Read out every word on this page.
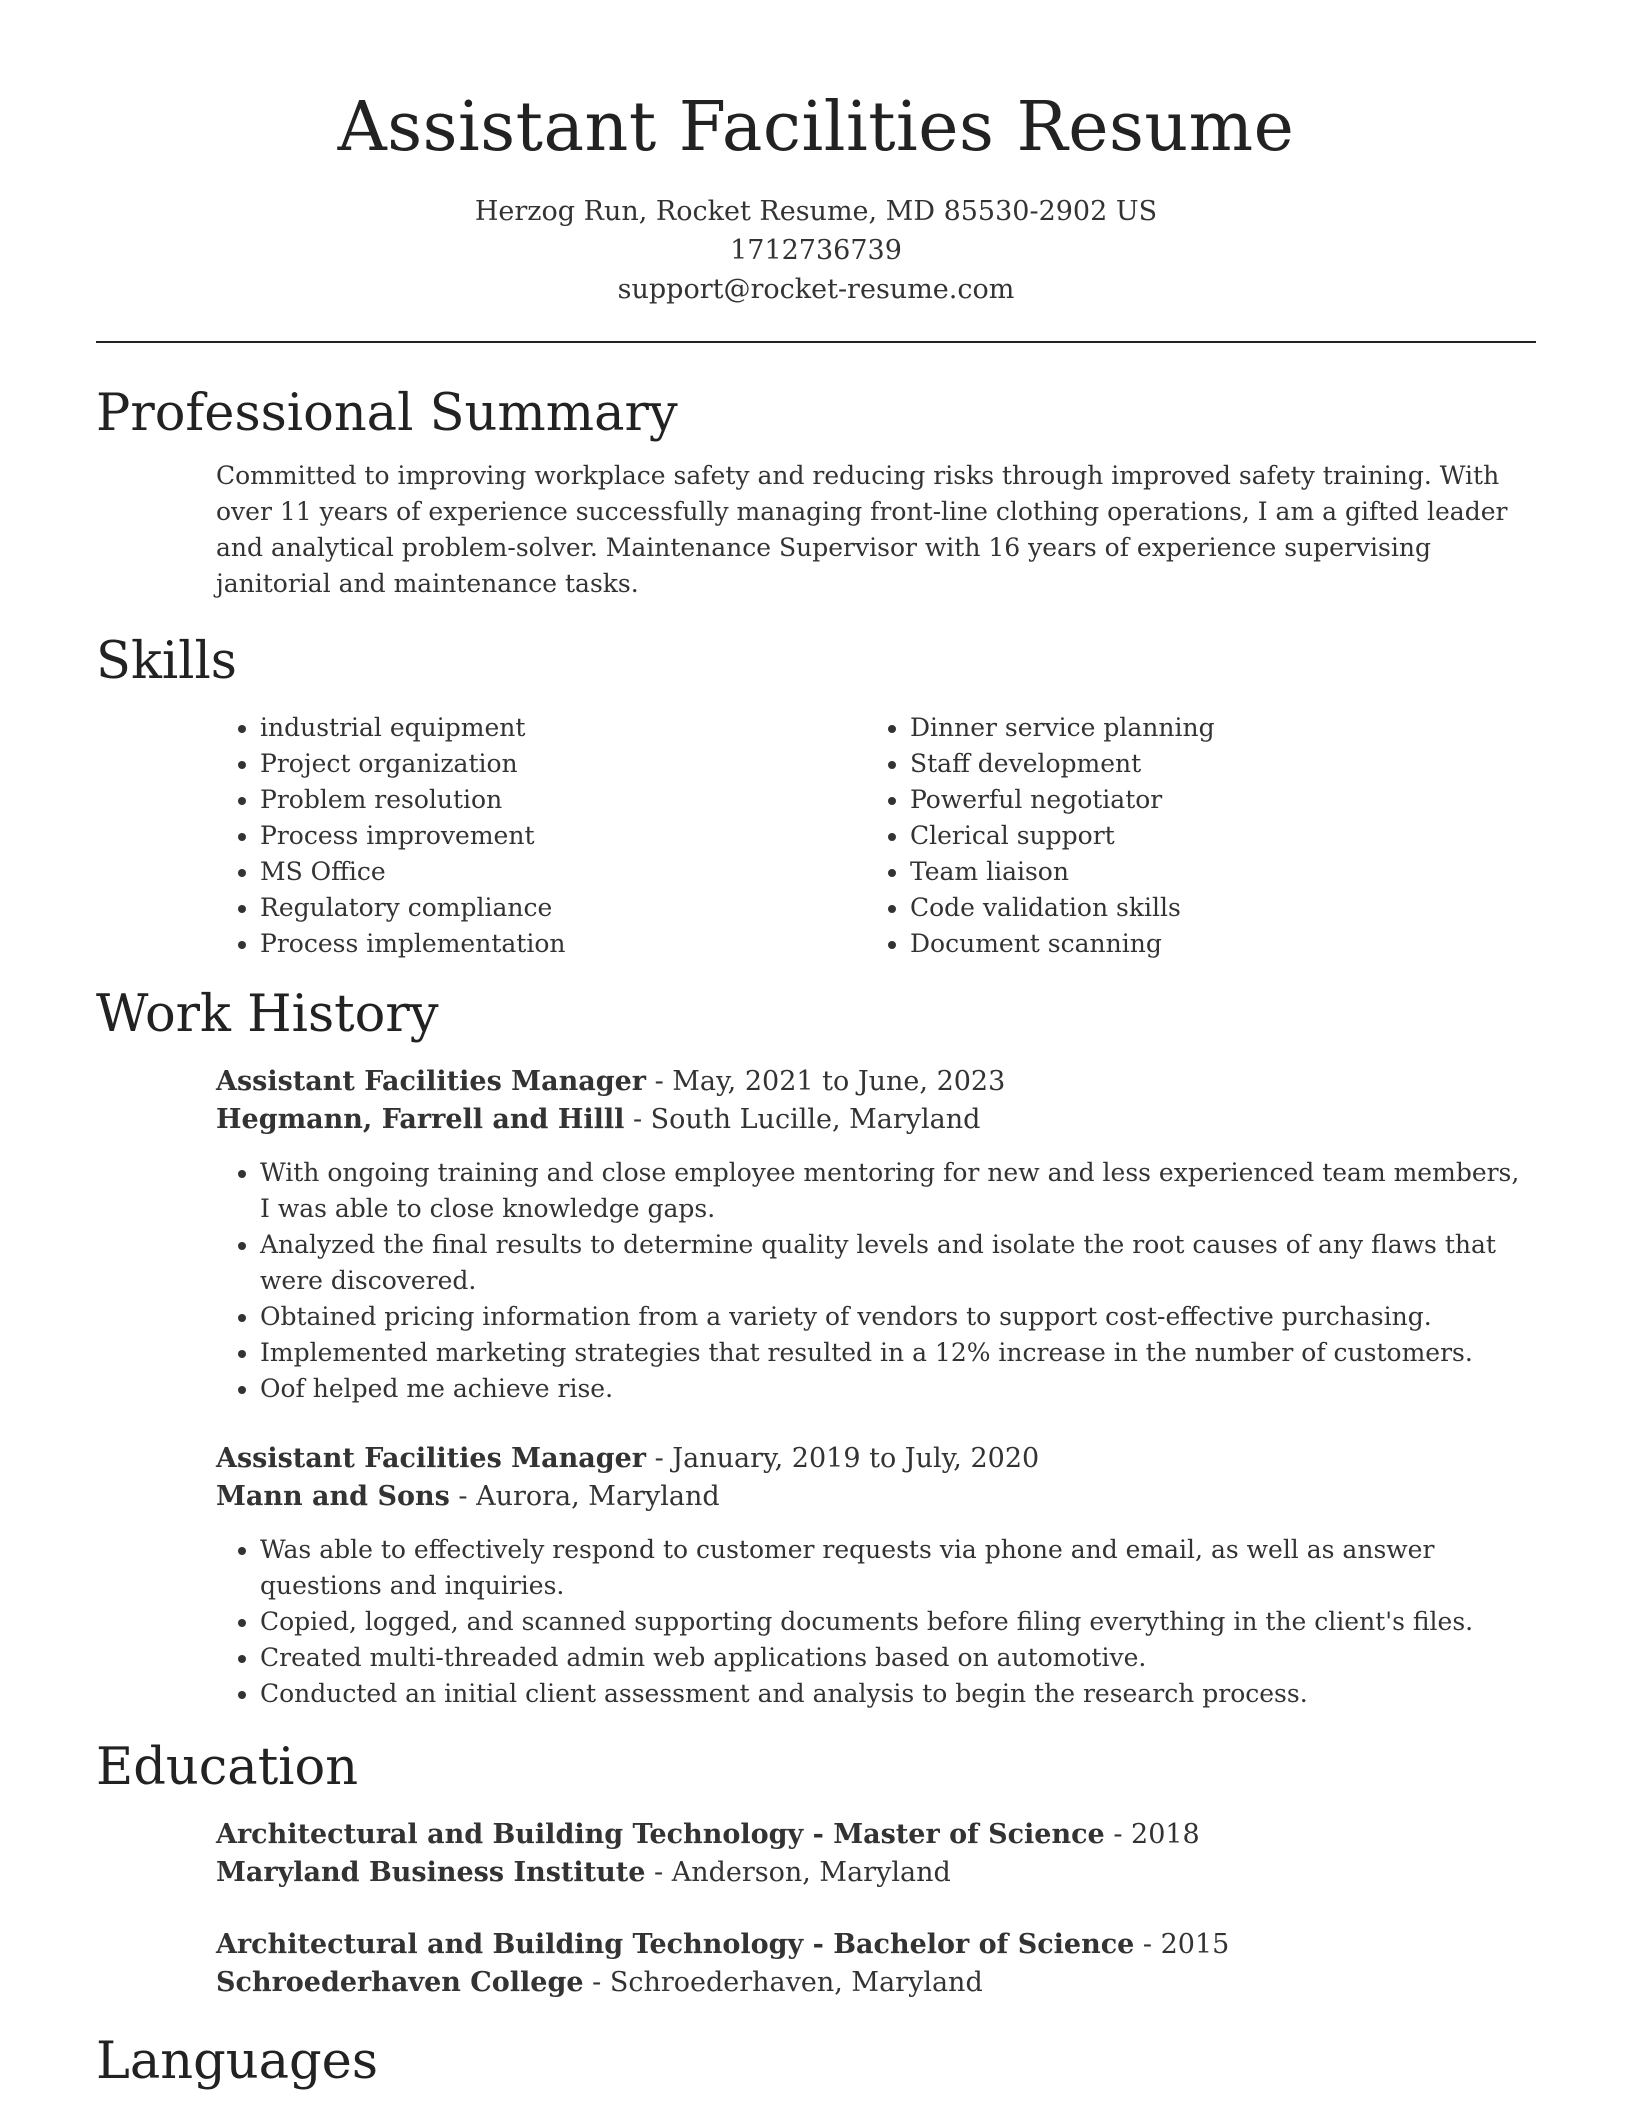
Assistant Facilities Resume
Herzog Run, Rocket Resume, MD 85530-2902 US
1712736739
support@rocket-resume.com
Professional Summary

Committed to improving workplace safety and reducing risks through improved safety training. With over 11 years of experience successfully managing front-line clothing operations, I am a gifted leader and analytical problem-solver. Maintenance Supervisor with 16 years of experience supervising janitorial and maintenance tasks.

Skills
• industrial equipment
• Project organization
• Problem resolution
• Process improvement
• MS Office
• Regulatory compliance
• Process implementation
• Dinner service planning
• Staff development
• Powerful negotiator
• Clerical support
• Team liaison
• Code validation skills
• Document scanning
Work History
Assistant Facilities Manager - May, 2021 to June, 2023
Hegmann, Farrell and Hilll - South Lucille, Maryland
• With ongoing training and close employee mentoring for new and less experienced team members, I was able to close knowledge gaps.
• Analyzed the final results to determine quality levels and isolate the root causes of any flaws that were discovered.
• Obtained pricing information from a variety of vendors to support cost-effective purchasing.
• Implemented marketing strategies that resulted in a 12% increase in the number of customers.
• Oof helped me achieve rise.
Assistant Facilities Manager - January, 2019 to July, 2020
Mann and Sons - Aurora, Maryland
• Was able to effectively respond to customer requests via phone and email, as well as answer questions and inquiries.
• Copied, logged, and scanned supporting documents before filing everything in the client's files.
• Created multi-threaded admin web applications based on automotive.
• Conducted an initial client assessment and analysis to begin the research process.
Education
Architectural and Building Technology - Master of Science - 2018
Maryland Business Institute - Anderson, Maryland
Architectural and Building Technology - Bachelor of Science - 2015
Schroederhaven College - Schroederhaven, Maryland
Languages
